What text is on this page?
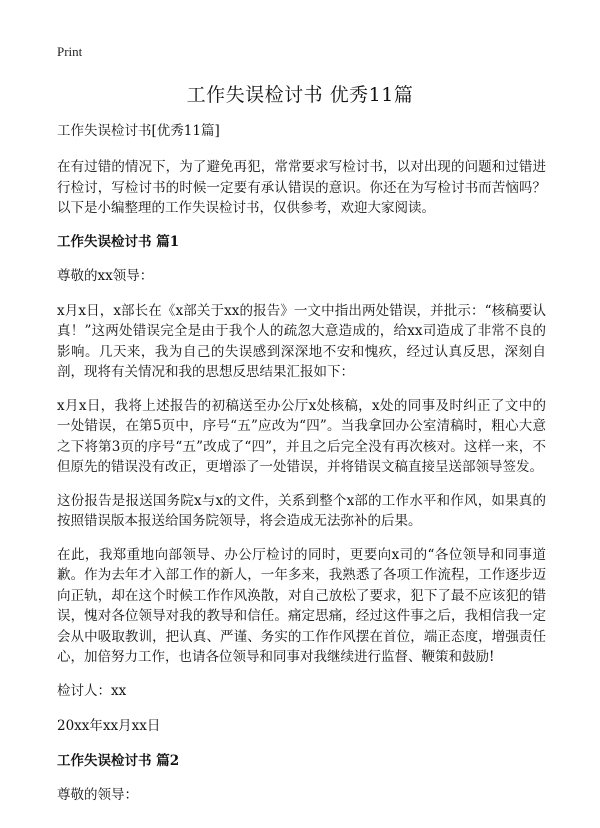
Print
工作失误检讨书 优秀11篇

工作失误检讨书[优秀11篇]

在有过错的情况下，为了避免再犯，常常要求写检讨书，以对出现的问题和过错进行检讨，写检讨书的时候一定要有承认错误的意识。你还在为写检讨书而苦恼吗？以下是小编整理的工作失误检讨书，仅供参考，欢迎大家阅读。

工作失误检讨书 篇1

尊敬的xx领导：

x月x日，x部长在《x部关于xx的报告》一文中指出两处错误，并批示：“核稿要认真！”这两处错误完全是由于我个人的疏忽大意造成的，给xx司造成了非常不良的影响。几天来，我为自己的失误感到深深地不安和愧疚，经过认真反思，深刻自剖，现将有关情况和我的思想反思结果汇报如下：

x月x日，我将上述报告的初稿送至办公厅x处核稿，x处的同事及时纠正了文中的一处错误，在第5页中，序号“五”应改为“四”。当我拿回办公室清稿时，粗心大意之下将第3页的序号“五”改成了“四”，并且之后完全没有再次核对。这样一来，不但原先的错误没有改正，更增添了一处错误，并将错误文稿直接呈送部领导签发。

这份报告是报送国务院x与x的文件，关系到整个x部的工作水平和作风，如果真的按照错误版本报送给国务院领导，将会造成无法弥补的后果。

在此，我郑重地向部领导、办公厅检讨的同时，更要向x司的“各位领导和同事道歉。作为去年才入部工作的新人，一年多来，我熟悉了各项工作流程，工作逐步迈向正轨，却在这个时候工作作风涣散，对自己放松了要求，犯下了最不应该犯的错误，愧对各位领导对我的教导和信任。痛定思痛，经过这件事之后，我相信我一定会从中吸取教训，把认真、严谨、务实的工作作风摆在首位，端正态度，增强责任心，加倍努力工作，也请各位领导和同事对我继续进行监督、鞭策和鼓励!

检讨人：xx

20xx年xx月xx日

工作失误检讨书 篇2

尊敬的领导：
